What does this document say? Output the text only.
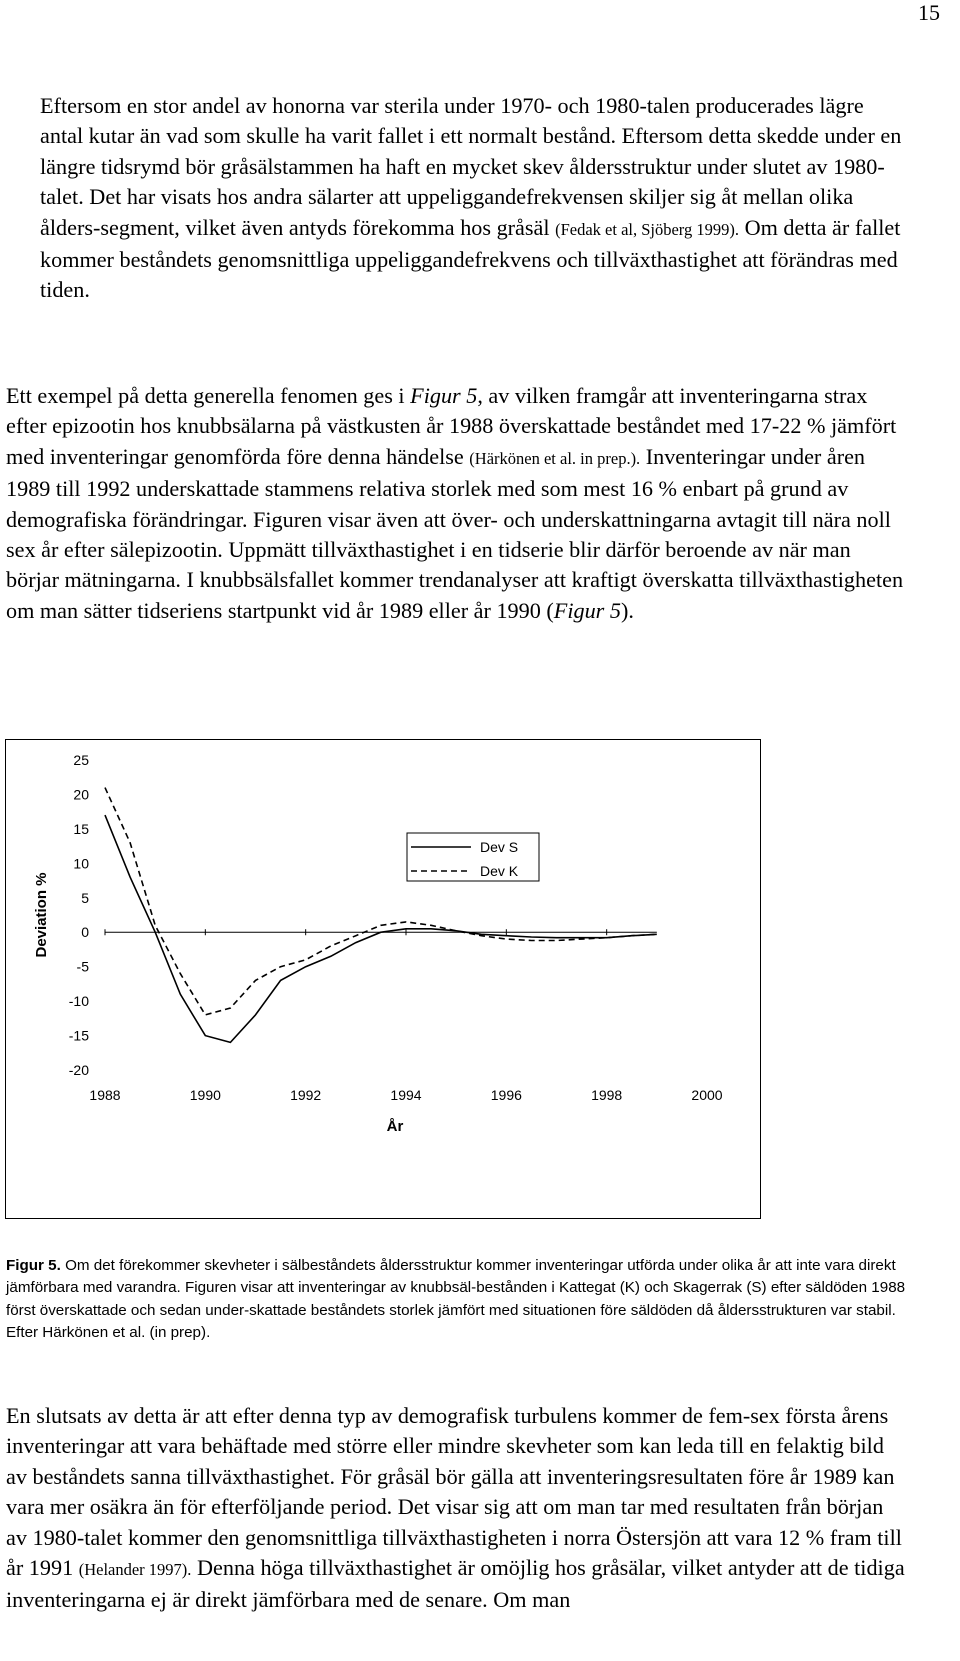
15

Eftersom en stor andel av honorna var sterila under 1970- och 1980-talen producerades lägre antal kutar än vad som skulle ha varit fallet i ett normalt bestånd. Eftersom detta skedde under en längre tidsrymd bör gråsälstammen ha haft en mycket skev åldersstruktur under slutet av 1980-talet. Det har visats hos andra sälarter att uppeliggandefrekvensen skiljer sig åt mellan olika ålders-segment, vilket även antyds förekomma hos gråsäl (Fedak et al, Sjöberg 1999). Om detta är fallet kommer beståndets genomsnittliga uppeliggandefrekvens och tillväxthastighet att förändras med tiden.

Ett exempel på detta generella fenomen ges i Figur 5, av vilken framgår att inventeringarna strax efter epizootin hos knubbsälarna på västkusten år 1988 överskattade beståndet med 17-22 % jämfört med inventeringar genomförda före denna händelse (Härkönen et al. in prep.). Inventeringar under åren 1989 till 1992 underskattade stammens relativa storlek med som mest 16 % enbart på grund av demografiska förändringar. Figuren visar även att över- och underskattningarna avtagit till nära noll sex år efter sälepizootin. Uppmätt tillväxthastighet i en tidserie blir därför beroende av när man börjar mätningarna. I knubbsälsfallet kommer trendanalyser att kraftigt överskatta tillväxthastigheten om man sätter tidseriens startpunkt vid år 1989 eller år 1990 (Figur 5).

25
20
15
10
5
0
-5
-10
-15
-20
1988	1990	1992	1994	1996	1998	2000
År
Deviation %
Dev S
Dev K

Figur 5. Om det förekommer skevheter i sälbeståndets åldersstruktur kommer inventeringar utförda under olika år att inte vara direkt jämförbara med varandra. Figuren visar att inventeringar av knubbsäl-bestånden i Kattegat (K) och Skagerrak (S) efter säldöden 1988 först överskattade och sedan under-skattade beståndets storlek jämfört med situationen före säldöden då åldersstrukturen var stabil. Efter Härkönen et al. (in prep).

En slutsats av detta är att efter denna typ av demografisk turbulens kommer de fem-sex första årens inventeringar att vara behäftade med större eller mindre skevheter som kan leda till en felaktig bild av beståndets sanna tillväxthastighet. För gråsäl bör gälla att inventeringsresultaten före år 1989 kan vara mer osäkra än för efterföljande period. Det visar sig att om man tar med resultaten från början av 1980-talet kommer den genomsnittliga tillväxthastigheten i norra Östersjön att vara 12 % fram till år 1991 (Helander 1997). Denna höga tillväxthastighet är omöjlig hos gråsälar, vilket antyder att de tidiga inventeringarna ej är direkt jämförbara med de senare. Om man
